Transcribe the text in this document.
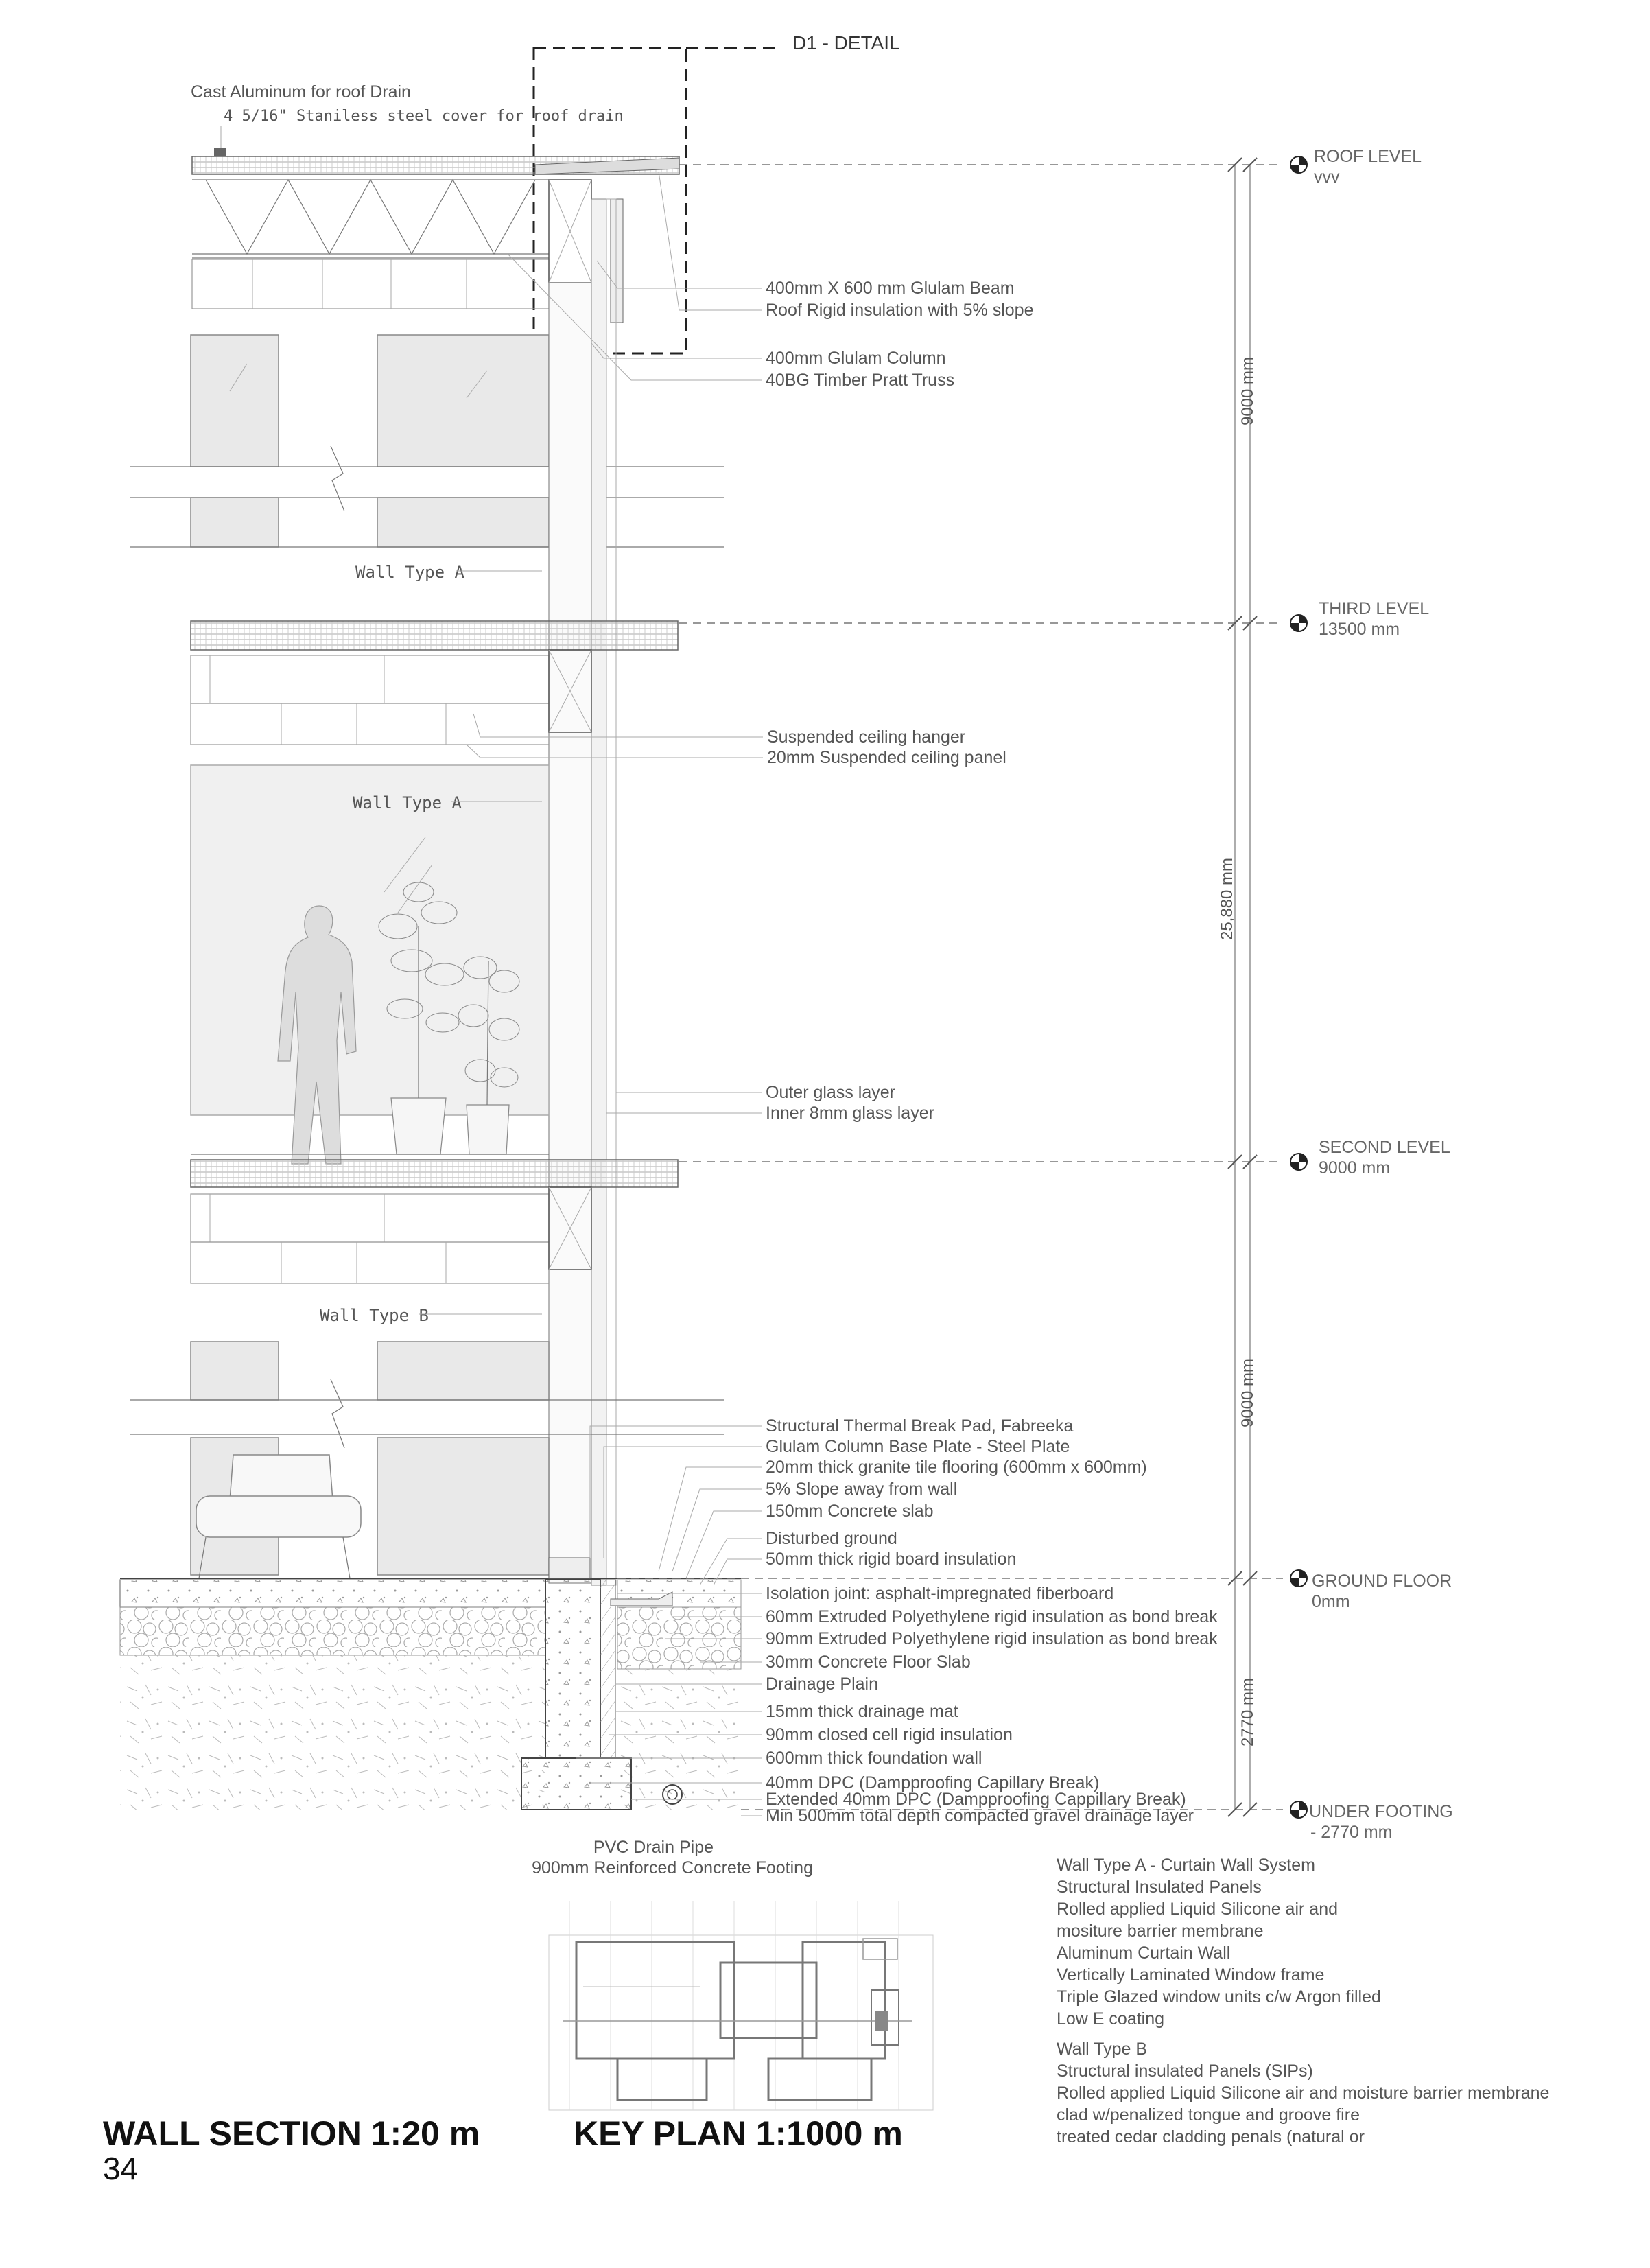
D1 - DETAIL
Cast Aluminum for roof Drain
4 5/16" Staniless steel cover for roof drain
Wall Type A
Wall Type A
Wall Type B
9000 mm
25,880 mm
9000 mm
2770 mm
ROOF LEVEL
vvv
THIRD LEVEL
13500 mm
SECOND LEVEL
9000 mm
GROUND FLOOR
0mm
UNDER FOOTING
- 2770 mm
400mm X 600 mm Glulam Beam
Roof Rigid insulation with 5% slope
400mm Glulam Column
40BG Timber Pratt Truss
Suspended ceiling hanger
20mm Suspended ceiling panel
Outer glass layer
Inner 8mm glass layer
Structural Thermal Break Pad, Fabreeka
Glulam Column Base Plate - Steel Plate
20mm thick granite tile flooring (600mm x 600mm)
5% Slope away from wall
150mm Concrete slab
Disturbed ground
50mm thick rigid board insulation
Isolation joint: asphalt-impregnated fiberboard
60mm Extruded Polyethylene rigid insulation as bond break
90mm Extruded Polyethylene rigid insulation as bond break
30mm Concrete Floor Slab
Drainage Plain
15mm thick drainage mat
90mm closed cell rigid insulation
600mm thick foundation wall
40mm DPC (Dampproofing Capillary Break)
Extended 40mm DPC (Dampproofing Cappillary Break)
Min 500mm total depth compacted gravel drainage layer
PVC Drain Pipe
900mm Reinforced Concrete Footing	Wall Type A - Curtain Wall System
Structural Insulated Panels
Rolled applied Liquid Silicone air and
mositure barrier membrane
Aluminum Curtain Wall
Vertically Laminated Window frame
Triple Glazed window units c/w Argon filled
Low E coating
Wall Type B
Structural insulated Panels (SIPs)
Rolled applied Liquid Silicone air and moisture barrier membrane
clad w/penalized tongue and groove fire
treated cedar cladding penals (natural or
WALL SECTION 1:20 m	KEY PLAN 1:1000 m
34
